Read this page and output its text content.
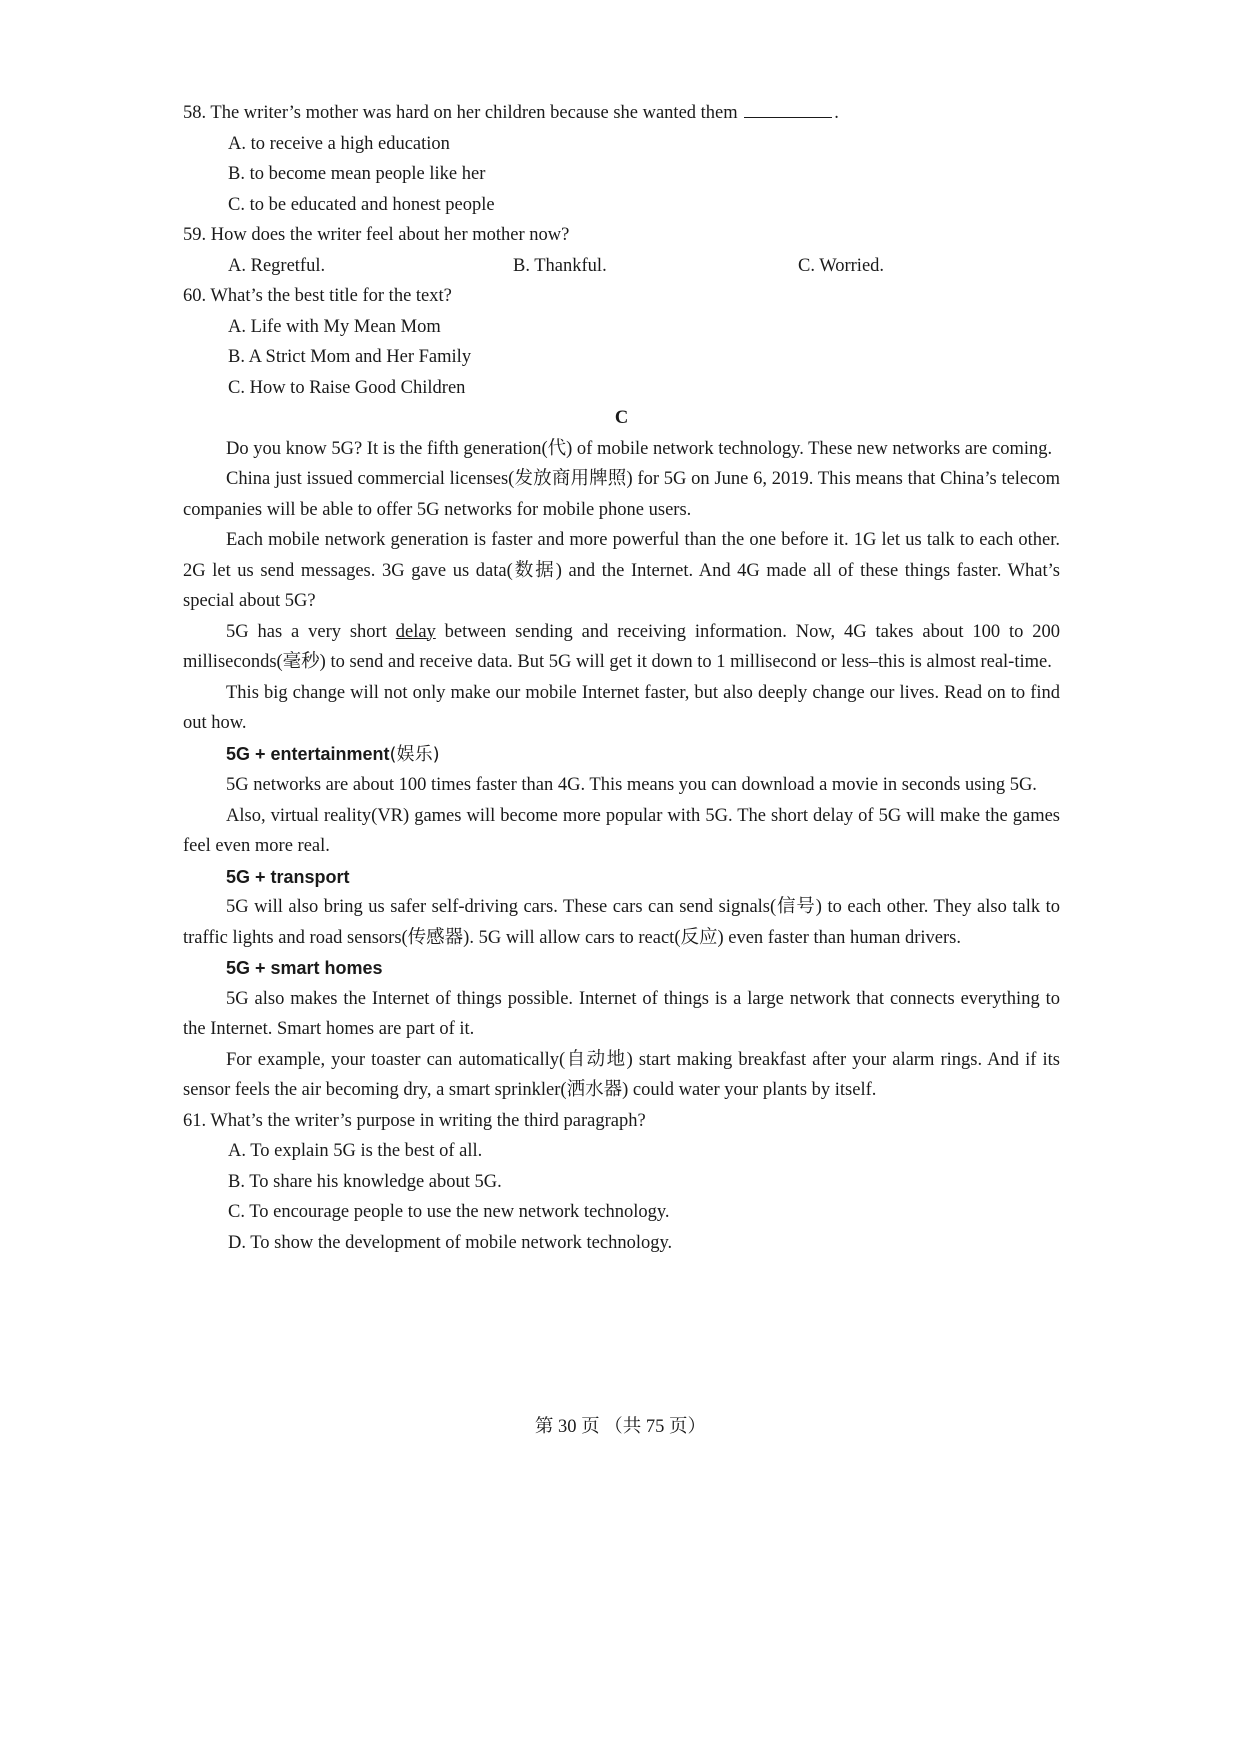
58. The writer’s mother was hard on her children because she wanted them	.
A. to receive a high education
B. to become mean people like her
C. to be educated and honest people
59. How does the writer feel about her mother now?
A. Regretful.	B. Thankful.	C. Worried.
60. What’s the best title for the text?
A. Life with My Mean Mom
B. A Strict Mom and Her Family
C. How to Raise Good Children
C
Do you know 5G? It is the fifth generation(代) of mobile network technology. These new networks are coming.
China just issued commercial licenses(发放商用牌照) for 5G on June 6, 2019. This means that China’s telecom companies will be able to offer 5G networks for mobile phone users.
Each mobile network generation is faster and more powerful than the one before it. 1G let us talk to each other. 2G let us send messages. 3G gave us data(数据) and the Internet. And 4G made all of these things faster. What’s special about 5G?
5G has a very short delay between sending and receiving information. Now, 4G takes about 100 to 200 milliseconds(毫秒) to send and receive data. But 5G will get it down to 1 millisecond or less–this is almost real-time.
This big change will not only make our mobile Internet faster, but also deeply change our lives. Read on to find out how.
5G + entertainment(娱乐)
5G networks are about 100 times faster than 4G. This means you can download a movie in seconds using 5G.
Also, virtual reality(VR) games will become more popular with 5G. The short delay of 5G will make the games feel even more real.
5G + transport
5G will also bring us safer self-driving cars. These cars can send signals(信号) to each other. They also talk to traffic lights and road sensors(传感器). 5G will allow cars to react(反应) even faster than human drivers.
5G + smart homes
5G also makes the Internet of things possible. Internet of things is a large network that connects everything to the Internet. Smart homes are part of it.
For example, your toaster can automatically(自动地) start making breakfast after your alarm rings. And if its sensor feels the air becoming dry, a smart sprinkler(洒水器) could water your plants by itself.
61. What’s the writer’s purpose in writing the third paragraph?
A. To explain 5G is the best of all.
B. To share his knowledge about 5G.
C. To encourage people to use the new network technology.
D. To show the development of mobile network technology.
第 30 页 （共 75 页）
